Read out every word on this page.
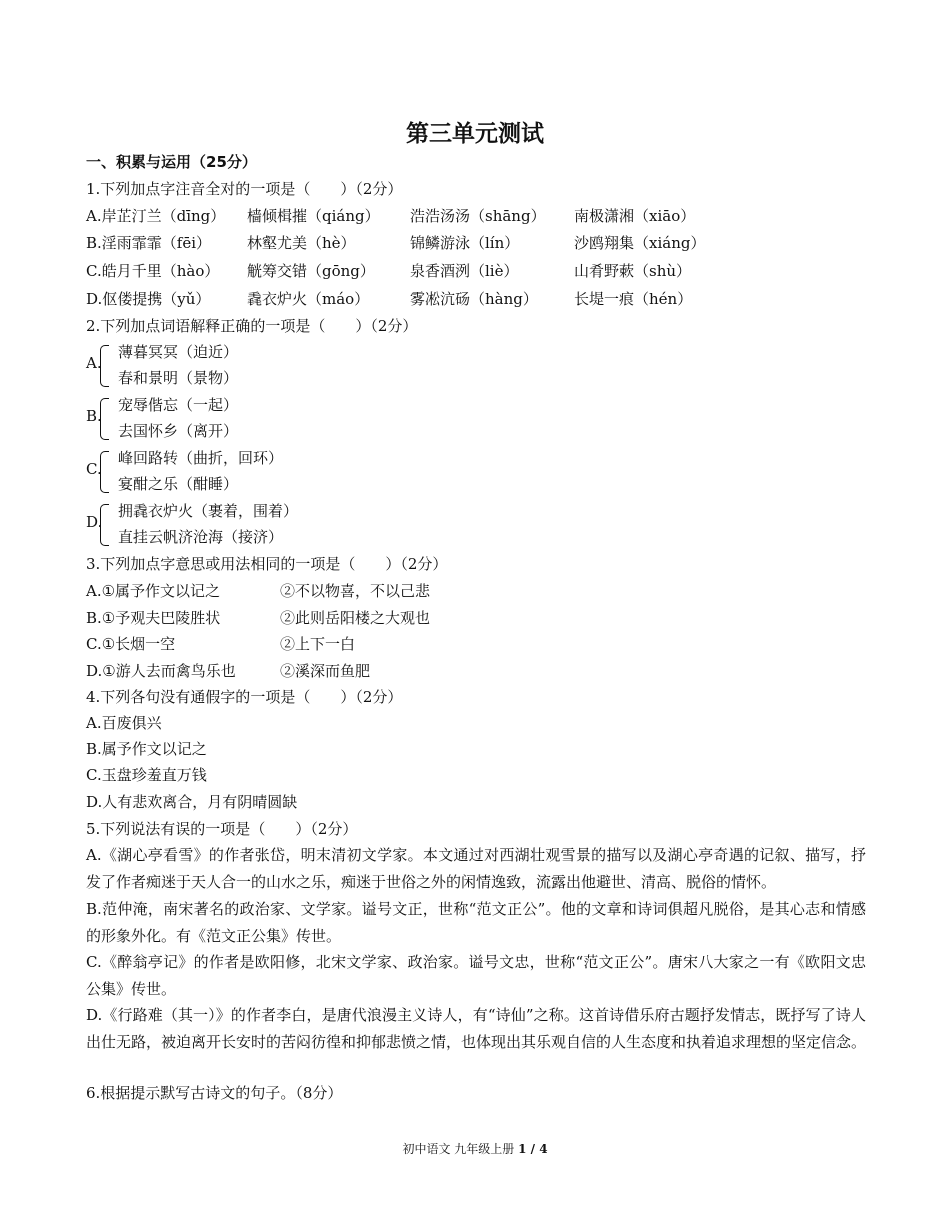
第三单元测试
一、积累与运用（25分）
1.下列加点字注音全对的一项是（　　）（2分）
A.岸芷汀兰（dīng） 樯倾楫摧（qiáng） 浩浩汤汤（shāng） 南极潇湘（xiāo）
B.淫雨霏霏（fēi） 林壑尤美（hè）	锦鳞游泳（lín）	沙鸥翔集（xiáng）
C.皓月千里（hào） 觥筹交错（gōng） 泉香酒洌（liè）	山肴野蔌（shù）
D.伛偻提携（yǔ） 毳衣炉火（máo）	雾凇沆砀（hàng） 长堤一痕（hén）
2.下列加点词语解释正确的一项是（　　）（2分）
A.
薄暮冥冥（迫近）
春和景明（景物）
B.
宠辱偕忘（一起）
去国怀乡（离开）
C.
峰回路转（曲折，回环）
宴酣之乐（酣睡）
D.
拥毳衣炉火（裹着，围着）
直挂云帆济沧海（接济）
3.下列加点字意思或用法相同的一项是（　　）（2分）
A.①属予作文以记之	②不以物喜，不以己悲
B.①予观夫巴陵胜状	②此则岳阳楼之大观也
C.①长烟一空	②上下一白
D.①游人去而禽鸟乐也	②溪深而鱼肥
4.下列各句没有通假字的一项是（　　）（2分）
A.百废俱兴
B.属予作文以记之
C.玉盘珍羞直万钱
D.人有悲欢离合，月有阴晴圆缺
5.下列说法有误的一项是（　　）（2分）
A.《湖心亭看雪》的作者张岱，明末清初文学家。本文通过对西湖壮观雪景的描写以及湖心亭奇遇的记叙、描写，抒发了作者痴迷于天人合一的山水之乐，痴迷于世俗之外的闲情逸致，流露出他避世、清高、脱俗的情怀。
B.范仲淹，南宋著名的政治家、文学家。谥号文正，世称“范文正公”。他的文章和诗词俱超凡脱俗，是其心志和情感的形象外化。有《范文正公集》传世。
C.《醉翁亭记》的作者是欧阳修，北宋文学家、政治家。谥号文忠，世称“范文正公”。唐宋八大家之一有《欧阳文忠公集》传世。
D.《行路难（其一）》的作者李白，是唐代浪漫主义诗人，有“诗仙”之称。这首诗借乐府古题抒发情志，既抒写了诗人出仕无路，被迫离开长安时的苦闷彷徨和抑郁悲愤之情，也体现出其乐观自信的人生态度和执着追求理想的坚定信念。
6.根据提示默写古诗文的句子。（8分）
初中语文 九年级上册 1 / 4
